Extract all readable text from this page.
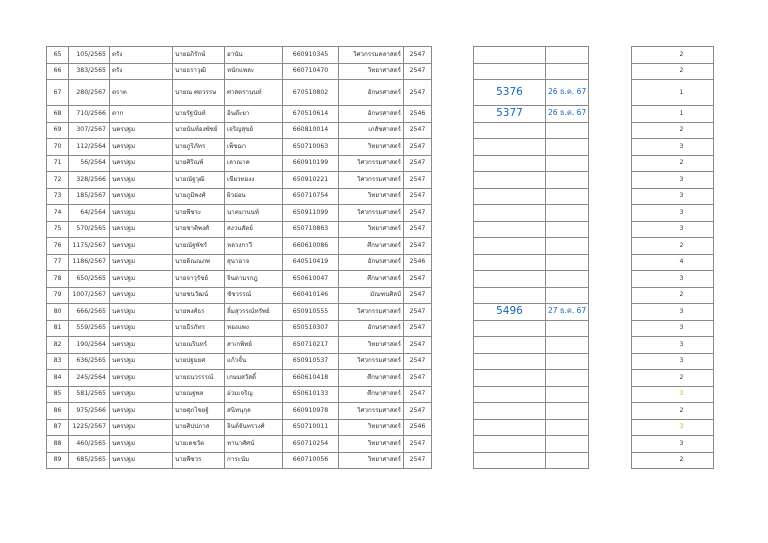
65	105/2565	ตรัง	นายอภิรักษ์	อานัน	660910345	วิศวกรรมคลาสตร์	2547					2
66	383/2565	ตรัง	นายธราวุฒิ	หนักแพละ	660710470	วิทยาศาสตร์	2547					2
67	280/2567	ตราด	นายณ ศตวรรษ	ศาสตรานนท์	670510802	อักษรศาสตร์	2547		5376	26 ธ.ค. 67		1
68	710/2566	ตาก	นายรัฐนันท์	อินต๊ะยา	670510614	อักษรศาสตร์	2546		5377	26 ธ.ค. 67		1
69	307/2567	นครปฐม	นายนันท์องพัชย์	เจริญสุขย์	660810014	เภสัชศาสตร์	2547					2
70	112/2564	นครปฐม	นายภูริภัทร	เพ็ชฌา	650710063	วิทยาศาสตร์	2547					3
71	56/2564	นครปฐม	นายศิริณพ์	เลาณาค	660910199	วิศวกรรมศาสตร์	2547					2
72	328/2566	นครปฐม	นายณัฐวุฒิ	เขียวทองง	650910221	วิศวกรรมศาสตร์	2547					3
73	185/2567	นครปฐม	นายภูมิพงศ์	ผิวอ่อน	650710754	วิทยาศาสตร์	2547					3
74	64/2564	นครปฐม	นายพีชระ	นาคมานนท์	650911099	วิศวกรรมศาสตร์	2547					3
75	570/2565	นครปฐม	นายชาติพงศ์	สงวนสัตย์	650710863	วิทยาศาสตร์	2547					3
76	1175/2567	นครปฐม	นายณัฐพัชร์	หลวงกาวี	660610086	ศึกษาศาสตร์	2547					2
77	1186/2567	นครปฐม	นายดิณณภพ	สุนาอาจ	640510419	อักษรศาสตร์	2546					4
78	650/2565	นครปฐม	นายจาวุรัชย์	จินดามรกฎ	650610047	ศึกษาศาสตร์	2547					3
79	1007/2567	นครปฐม	นายชนวัฒน์	ชัชวรรณ์	660410146	มัณฑนศิลป์	2547					2
80	666/2565	นครปฐม	นายพงศ์ธร	ลิ้มสุวรรณ์ทรัพย์	650910555	วิศวกรรมศาสตร์	2547		5496	27 ธ.ค. 67		3
81	559/2565	นครปฐม	นายธีรภัทร	ทองแพง	650510307	อักษรศาสตร์	2547					3
82	190/2564	นครปฐม	นายณรินทร์	สาเกพิทย์	650710217	วิทยาศาสตร์	2547					3
83	636/2565	นครปฐม	นายปฐมยศ	แก้วจั้น	650910537	วิศวกรรมศาสตร์	2547					3
84	245/2564	นครปฐม	นายธนวรรรณ์	เกษมสวัสดิ์	660610418	ศึกษาศาสตร์	2547					2
85	581/2565	นครปฐม	นายณฐพล	อ่วมเจริญ	650610133	ศึกษาศาสตร์	2547					3
86	975/2566	นครปฐม	นายศุภไชยฐ์	สนิทนุกุล	660910978	วิศวกรรมศาสตร์	2547					2
87	1225/2567	นครปฐม	นายศิปปภาส	จินต์จันทรวงศ์	650710011	วิทยาศาสตร์	2546					3
88	460/2565	นครปฐม	นายเดชวัต	ทานาศัศน์	650710254	วิทยาศาสตร์	2547					3
89	685/2565	นครปฐม	นายพีซวร	การะนัม	660710056	วิทยาศาสตร์	2547					2
